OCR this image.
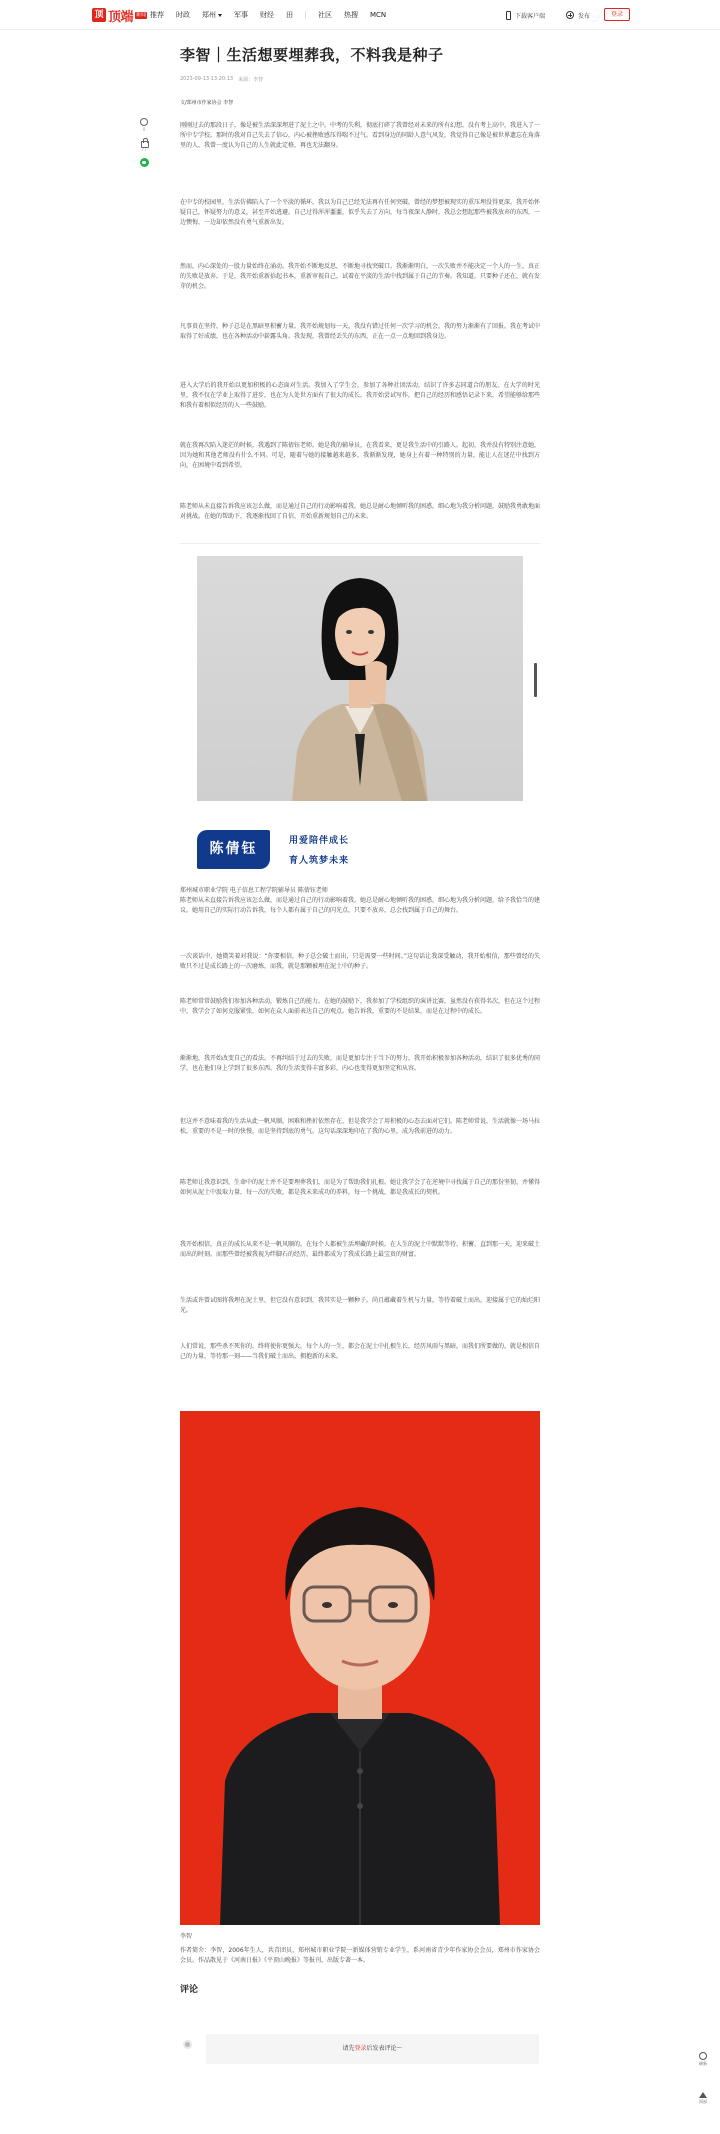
顶 顶端 新闻 推荐 时政 郑州	军事 财经 田	社区 热搜 MCN	下载客户端	发布	登录
李智｜生活想要埋葬我，不料我是种子
2023-09-13 13:20:13 来源：李智
文/郑州市作家协会 李智
0
77

刚刚过去的那段日子，像是被生活深深埋进了泥土之中。中考的失利，彻底打碎了我曾经对未来的所有幻想。没有考上高中，我进入了一所中专学校。那时的我对自己失去了信心，内心被挫败感压得喘不过气。看到身边的同龄人意气风发，我觉得自己像是被世界遗忘在角落里的人，我曾一度认为自己的人生就此定格，再也无法翻身。

在中专的校园里，生活仿佛陷入了一个平淡的循环。我以为自己已经无法再有任何突破，曾经的梦想被现实的重压埋没得更深。我开始怀疑自己，怀疑努力的意义，甚至开始逃避。自己过得浑浑噩噩，似乎失去了方向，每当夜深人静时，我总会想起那些被我放弃的东西，一边懊悔，一边却依然没有勇气重新出发。

然而，内心深处的一股力量始终在涌动。我开始不断地反思，不断地寻找突破口。我渐渐明白，一次失败并不能决定一个人的一生，真正的失败是放弃。于是，我开始重新拾起书本，重新审视自己，试着在平淡的生活中找到属于自己的节奏。我知道，只要种子还在，就有发芽的机会。

凡事贵在坚持，种子总是在黑暗里积蓄力量。我开始规划每一天，我没有错过任何一次学习的机会，我的努力渐渐有了回报。我在考试中取得了好成绩，也在各种活动中崭露头角。我发现，我曾经丢失的东西，正在一点一点地回到我身边。

进入大学后的我开始以更加积极的心态面对生活。我加入了学生会，参加了各种社团活动，结识了许多志同道合的朋友。在大学的时光里，我不仅在学业上取得了进步，也在为人处世方面有了很大的成长。我开始尝试写作，把自己的经历和感悟记录下来，希望能够给那些和我有着相似经历的人一些鼓励。

就在我再次陷入迷茫的时候，我遇到了陈倩钰老师。她是我的辅导员，在我看来，更是我生活中的引路人。起初，我并没有特别注意她，因为她和其他老师没有什么不同。可是，随着与她的接触越来越多，我渐渐发现，她身上有着一种特别的力量，能让人在迷茫中找到方向，在困境中看到希望。

陈老师从未直接告诉我应该怎么做，而是通过自己的行动影响着我。她总是耐心地倾听我的困惑，细心地为我分析问题，鼓励我勇敢地面对挑战。在她的帮助下，我逐渐找回了自信，开始重新规划自己的未来。

陈倩钰	用爱陪伴成长
育人筑梦未来

郑州城市职业学院 电子信息工程学院辅导员 陈倩钰老师

陈老师从未直接告诉我应该怎么做，而是通过自己的行动影响着我。她总是耐心地倾听我的困惑，细心地为我分析问题，给予我恰当的建议。她用自己的实际行动告诉我，每个人都有属于自己的闪光点，只要不放弃，总会找到属于自己的舞台。

一次谈话中，她微笑着对我说：“你要相信，种子总会破土而出，只是需要一些时间。”这句话让我深受触动，我开始相信，那些曾经的失败只不过是成长路上的一次磨炼，而我，就是那颗被埋在泥土中的种子。

陈老师常常鼓励我们参加各种活动，锻炼自己的能力。在她的鼓励下，我参加了学校组织的演讲比赛，虽然没有获得名次，但在这个过程中，我学会了如何克服紧张，如何在众人面前表达自己的观点。她告诉我，重要的不是结果，而是在过程中的成长。

渐渐地，我开始改变自己的看法。不再纠结于过去的失败，而是更加专注于当下的努力。我开始积极参加各种活动，结识了很多优秀的同学，也在他们身上学到了很多东西。我的生活变得丰富多彩，内心也变得更加坚定和从容。

但这并不意味着我的生活从此一帆风顺。困难和挫折依然存在，但是我学会了用积极的心态去面对它们。陈老师常说，生活就像一场马拉松，重要的不是一时的快慢，而是坚持到底的勇气。这句话深深地印在了我的心里，成为我前进的动力。

陈老师让我意识到，生命中的泥土并不是要埋葬我们，而是为了帮助我们扎根。她让我学会了在逆境中寻找属于自己的那份坚韧，并懂得如何从泥土中汲取力量，每一次的失败，都是我未来成功的养料，每一个挑战，都是我成长的契机。

我开始相信，真正的成长从来不是一帆风顺的。在每个人都被生活埋藏的时候，在人生的泥土中默默等待、积蓄、直到那一天，迎来破土而出的时刻。而那些曾经被我视为绊脚石的经历，最终都成为了我成长路上最宝贵的财富。

生活或许曾试图将我埋在泥土里，但它没有意识到，我其实是一颗种子。尚且蕴藏着生机与力量，等待着破土而出，迎接属于它的灿烂阳光。

人们常说，那些杀不死你的，终将使你更强大。每个人的一生，都会在泥土中扎根生长，经历风雨与黑暗，而我们所要做的，就是相信自己的力量，等待那一刻——当我们破土而出，拥抱新的未来。

李智

作者简介：李智，2006年生人，共青团员，郑州城市职业学院一新媒体营销专业学生，系河南省青少年作家协会会员，郑州市作家协会会员。作品散见于《河南日报》《平顶山晚报》等报刊，出版专著一本。

评论
请先登录后发表评论～
刷新
顶部
